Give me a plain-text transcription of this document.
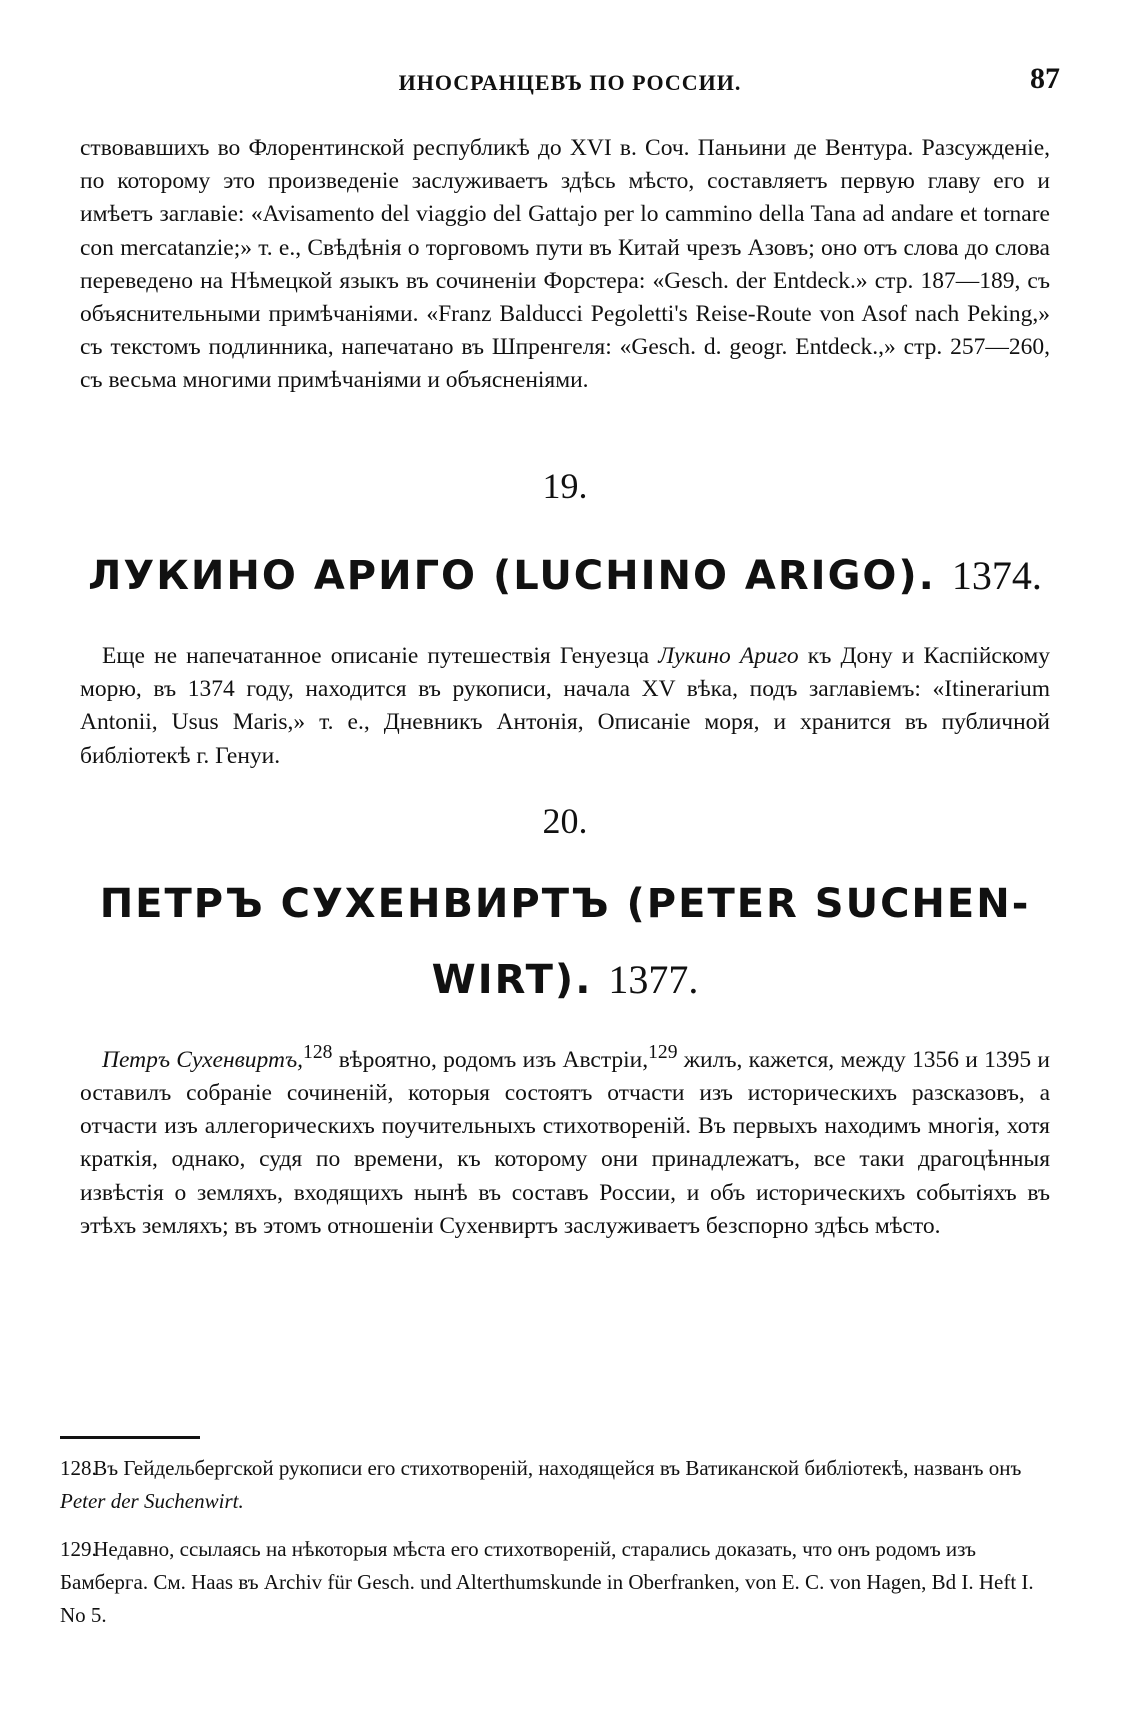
ИНОСРАНЦЕВЪ ПО РОССИИ.	87

ствовавшихъ во Флорентинской республикѣ до XVI в. Соч. Паньини де Вентура. Разсужденіе, по которому это произведеніе заслуживаетъ здѣсь мѣсто, составляетъ первую главу его и имѣетъ заглавіе: «Avisamento del viaggio del Gattajo per lo cammino della Tana ad andare et tornare con mercatanzie;» т. е., Свѣдѣнія о торговомъ пути въ Китай чрезъ Азовъ; оно отъ слова до слова переведено на Нѣмецкой языкъ въ сочиненіи Форстера: «Gesch. der Entdeck.» стр. 187—189, съ объяснительными примѣчаніями. «Franz Balducci Pegoletti's Reise-Route von Asof nach Peking,» съ текстомъ подлинника, напечатано въ Шпренгеля: «Gesch. d. geogr. Entdeck.,» стр. 257—260, съ весьма многими примѣчаніями и объясненіями.

19.

ЛУКИНО АРИГО (LUCHINO ARIGO). 1374.

Еще не напечатанное описаніе путешествія Генуезца Лукино Ариго къ Дону и Каспійскому морю, въ 1374 году, находится въ рукописи, начала XV вѣка, подъ заглавіемъ: «Itinerarium Antonii, Usus Maris,» т. е., Дневникъ Антонія, Описаніе моря, и хранится въ публичной библіотекѣ г. Генуи.

20.

ПЕТРЪ СУХЕНВИРТЪ (PETER SUCHEN-
WIRT). 1377.

Петръ Сухенвиртъ,$^{128}$ вѣроятно, родомъ изъ Австріи,$^{129}$ жилъ, кажется, между 1356 и 1395 и оставилъ собраніе сочиненій, которыя состоятъ отчасти изъ историческихъ разсказовъ, а отчасти изъ аллегорическихъ поучительныхъ стихотвореній. Въ первыхъ находимъ многія, хотя краткія, однако, судя по времени, къ которому они принадлежатъ, все таки драгоцѣнныя извѣстія о земляхъ, входящихъ нынѣ въ составъ России, и объ историческихъ событіяхъ въ этѣхъ земляхъ; въ этомъ отношеніи Сухенвиртъ заслуживаетъ безспорно здѣсь мѣсто.

128. Въ Гейдельбергской рукописи его стихотвореній, находящейся въ Ватиканской библіотекѣ, названъ онъ Peter der Suchenwirt.

129. Недавно, ссылаясь на нѣкоторыя мѣста его стихотвореній, старались доказать, что онъ родомъ изъ Бамберга. См. Haas въ Archiv für Gesch. und Alterthumskunde in Oberfranken, von E. C. von Hagen, Bd I. Heft I. No 5.
